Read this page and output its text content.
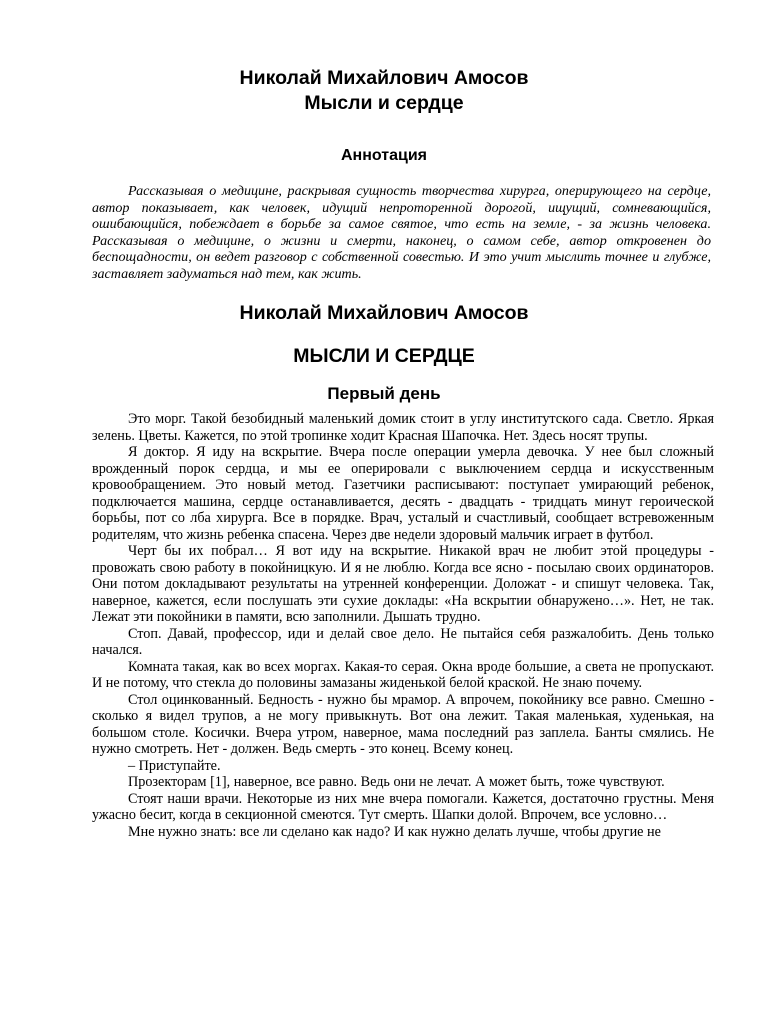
Николай Михайлович Амосов
Мысли и сердце
Аннотация

Рассказывая о медицине, раскрывая сущность творчества хирурга, оперирующего на сердце, автор показывает, как человек, идущий непроторенной дорогой, ищущий, сомневающийся, ошибающийся, побеждает в борьбе за самое святое, что есть на земле, - за жизнь человека. Рассказывая о медицине, о жизни и смерти, наконец, о самом себе, автор откровенен до беспощадности, он ведет разговор с собственной совестью. И это учит мыслить точнее и глубже, заставляет задуматься над тем, как жить.

Николай Михайлович Амосов
МЫСЛИ И СЕРДЦЕ
Первый день

Это морг. Такой безобидный маленький домик стоит в углу институтского сада. Светло. Яркая зелень. Цветы. Кажется, по этой тропинке ходит Красная Шапочка. Нет. Здесь носят трупы.

Я доктор. Я иду на вскрытие. Вчера после операции умерла девочка. У нее был сложный врожденный порок сердца, и мы ее оперировали с выключением сердца и искусственным кровообращением. Это новый метод. Газетчики расписывают: поступает умирающий ребенок, подключается машина, сердце останавливается, десять - двадцать - тридцать минут героической борьбы, пот со лба хирурга. Все в порядке. Врач, усталый и счастливый, сообщает встревоженным родителям, что жизнь ребенка спасена. Через две недели здоровый мальчик играет в футбол.

Черт бы их побрал… Я вот иду на вскрытие. Никакой врач не любит этой процедуры - провожать свою работу в покойницкую. И я не люблю. Когда все ясно - посылаю своих ординаторов. Они потом докладывают результаты на утренней конференции. Доложат - и спишут человека. Так, наверное, кажется, если послушать эти сухие доклады: «На вскрытии обнаружено…». Нет, не так. Лежат эти покойники в памяти, всю заполнили. Дышать трудно.

Стоп. Давай, профессор, иди и делай свое дело. Не пытайся себя разжалобить. День только начался.

Комната такая, как во всех моргах. Какая-то серая. Окна вроде большие, а света не пропускают. И не потому, что стекла до половины замазаны жиденькой белой краской. Не знаю почему.

Стол оцинкованный. Бедность - нужно бы мрамор. А впрочем, покойнику все равно. Смешно - сколько я видел трупов, а не могу привыкнуть. Вот она лежит. Такая маленькая, худенькая, на большом столе. Косички. Вчера утром, наверное, мама последний раз заплела. Банты смялись. Не нужно смотреть. Нет - должен. Ведь смерть - это конец. Всему конец.

– Приступайте.

Прозекторам [1], наверное, все равно. Ведь они не лечат. А может быть, тоже чувствуют.

Стоят наши врачи. Некоторые из них мне вчера помогали. Кажется, достаточно грустны. Меня ужасно бесит, когда в секционной смеются. Тут смерть. Шапки долой. Впрочем, все условно…

Мне нужно знать: все ли сделано как надо? И как нужно делать лучше, чтобы другие не
